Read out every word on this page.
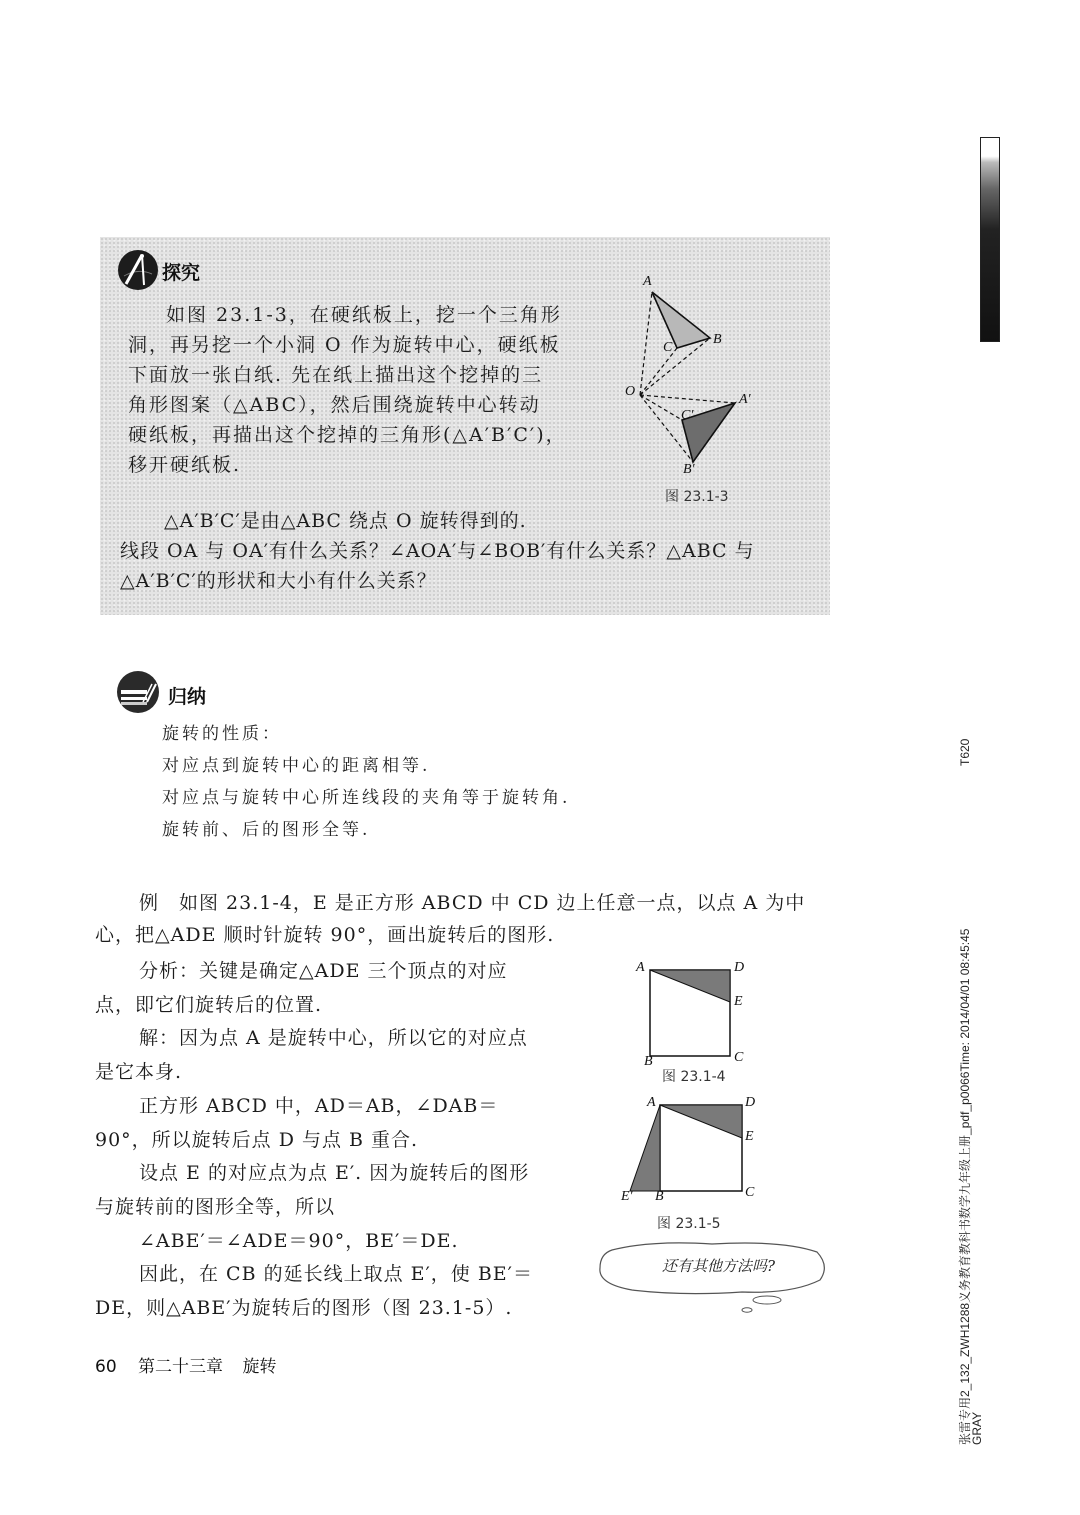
探究
如图 23.1-3，在硬纸板上，挖一个三角形
洞，再另挖一个小洞 O 作为旋转中心，硬纸板
下面放一张白纸. 先在纸上描出这个挖掉的三
角形图案（△ABC），然后围绕旋转中心转动
硬纸板，再描出这个挖掉的三角形(△A′B′C′)，
移开硬纸板.
△A′B′C′是由△ABC 绕点 O 旋转得到的.
线段 OA 与 OA′有什么关系？∠AOA′与∠BOB′有什么关系？△ABC 与
△A′B′C′的形状和大小有什么关系？
A
B
C
O
A′
B′
C′
图 23.1-3
归纳
旋转的性质：
对应点到旋转中心的距离相等.
对应点与旋转中心所连线段的夹角等于旋转角.
旋转前、后的图形全等.
例　如图 23.1-4，E 是正方形 ABCD 中 CD 边上任意一点，以点 A 为中
心，把△ADE 顺时针旋转 90°，画出旋转后的图形.
分析：关键是确定△ADE 三个顶点的对应
点，即它们旋转后的位置.
解：因为点 A 是旋转中心，所以它的对应点
是它本身.
正方形 ABCD 中，AD＝AB，∠DAB＝
90°，所以旋转后点 D 与点 B 重合.
设点 E 的对应点为点 E′. 因为旋转后的图形
与旋转前的图形全等，所以
∠ABE′＝∠ADE＝90°，BE′＝DE.
因此，在 CB 的延长线上取点 E′，使 BE′＝
DE，则△ABE′为旋转后的图形（图 23.1-5）.
A	D
E
B	C
图 23.1-4
A	D
E
E′ B	C
图 23.1-5
还有其他方法吗?
60 第二十三章 旋转
T620
张雷专用2_132_ZWH1288义务教育教科书数学九年级上册_pdf_p0066Time: 2014/04/01 08:45:45
GRAY
